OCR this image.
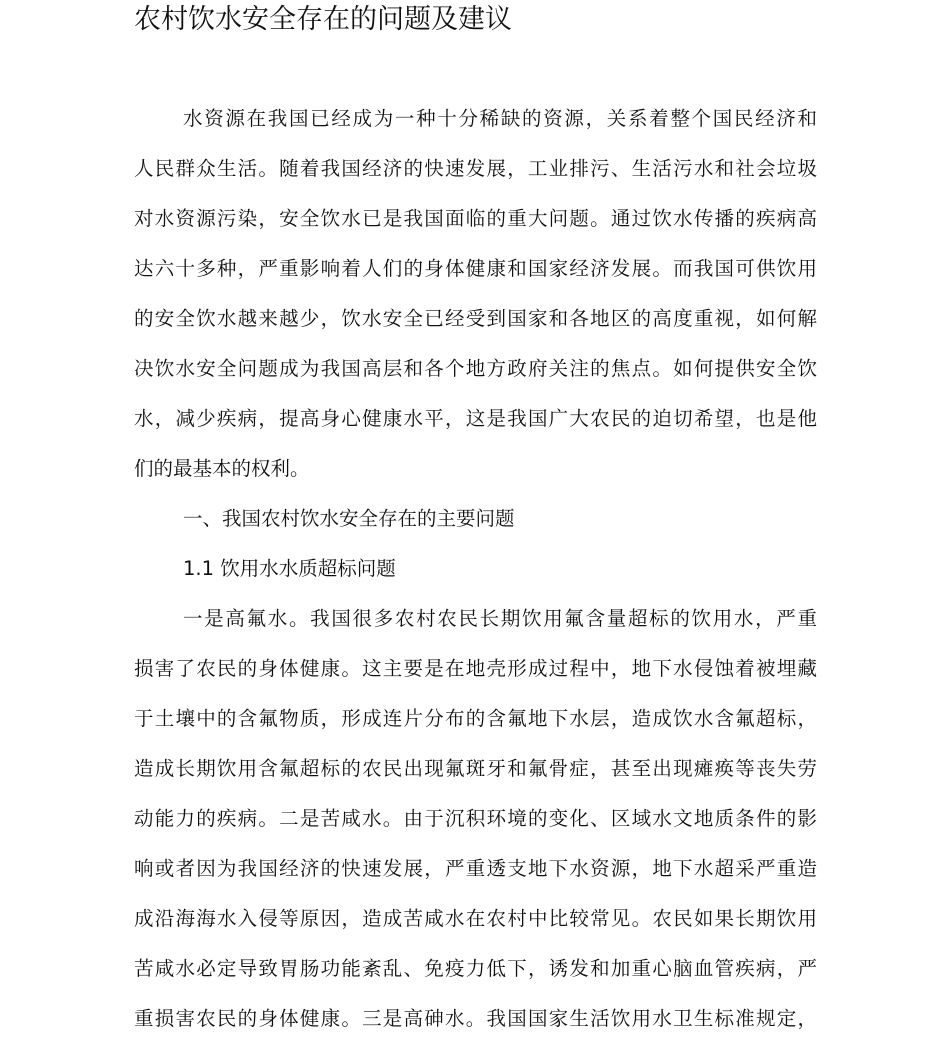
农村饮水安全存在的问题及建议

水资源在我国已经成为一种十分稀缺的资源，关系着整个国民经济和

人民群众生活。随着我国经济的快速发展，工业排污、生活污水和社会垃圾

对水资源污染，安全饮水已是我国面临的重大问题。通过饮水传播的疾病高

达六十多种，严重影响着人们的身体健康和国家经济发展。而我国可供饮用

的安全饮水越来越少，饮水安全已经受到国家和各地区的高度重视，如何解

决饮水安全问题成为我国高层和各个地方政府关注的焦点。如何提供安全饮

水，减少疾病，提高身心健康水平，这是我国广大农民的迫切希望，也是他

们的最基本的权利。

一、我国农村饮水安全存在的主要问题

1.1 饮用水水质超标问题

一是高氟水。我国很多农村农民长期饮用氟含量超标的饮用水，严重

损害了农民的身体健康。这主要是在地壳形成过程中，地下水侵蚀着被埋藏

于土壤中的含氟物质，形成连片分布的含氟地下水层，造成饮水含氟超标，

造成长期饮用含氟超标的农民出现氟斑牙和氟骨症，甚至出现瘫痪等丧失劳

动能力的疾病。二是苦咸水。由于沉积环境的变化、区域水文地质条件的影

响或者因为我国经济的快速发展，严重透支地下水资源，地下水超采严重造

成沿海海水入侵等原因，造成苦咸水在农村中比较常见。农民如果长期饮用

苦咸水必定导致胃肠功能紊乱、免疫力低下，诱发和加重心脑血管疾病，严

重损害农民的身体健康。三是高砷水。我国国家生活饮用水卫生标准规定，
